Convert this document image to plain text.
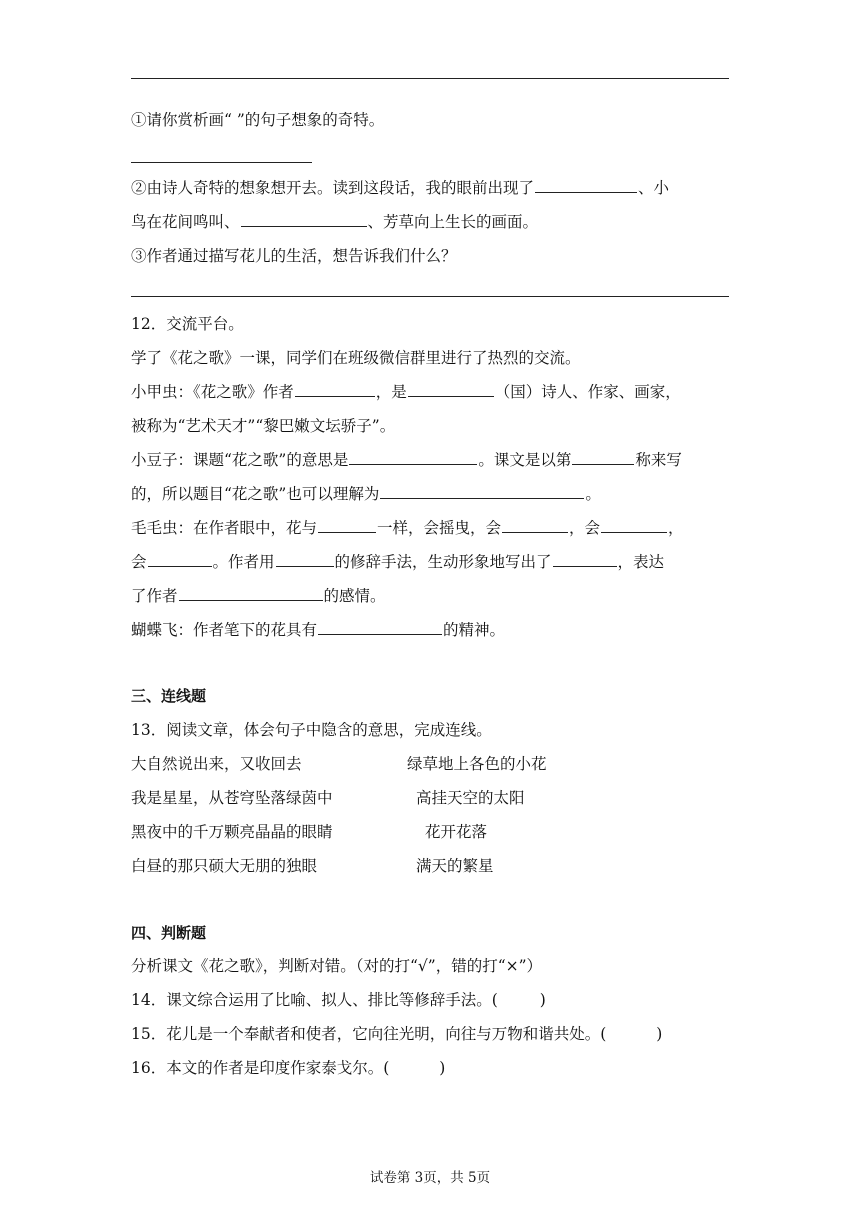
①请你赏析画“ ”的句子想象的奇特。
②由诗人奇特的想象想开去。读到这段话，我的眼前出现了	、小
鸟在花间鸣叫、	、芳草向上生长的画面。
③作者通过描写花儿的生活，想告诉我们什么？
12．交流平台。
学了《花之歌》一课，同学们在班级微信群里进行了热烈的交流。
小甲虫：《花之歌》作者	，是	（国）诗人、作家、画家，
被称为“艺术天才”“黎巴嫩文坛骄子”。
小豆子：课题“花之歌”的意思是	。课文是以第	称来写
的，所以题目“花之歌”也可以理解为	。
毛毛虫：在作者眼中，花与	一样，会摇曳，会	，会	，
会	。作者用	的修辞手法，生动形象地写出了	，表达
了作者	的感情。
蝴蝶飞：作者笔下的花具有	的精神。
三、连线题
13．阅读文章，体会句子中隐含的意思，完成连线。
大自然说出来，又收回去	绿草地上各色的小花
我是星星，从苍穹坠落绿茵中	高挂天空的太阳
黑夜中的千万颗亮晶晶的眼睛	花开花落
白昼的那只硕大无朋的独眼	满天的繁星
四、判断题
分析课文《花之歌》，判断对错。（对的打“√”，错的打“×”）
14．课文综合运用了比喻、拟人、排比等修辞手法。(	)
15．花儿是一个奉献者和使者，它向往光明，向往与万物和谐共处。(	)
16．本文的作者是印度作家泰戈尔。(	)
试卷第 3页，共 5页
